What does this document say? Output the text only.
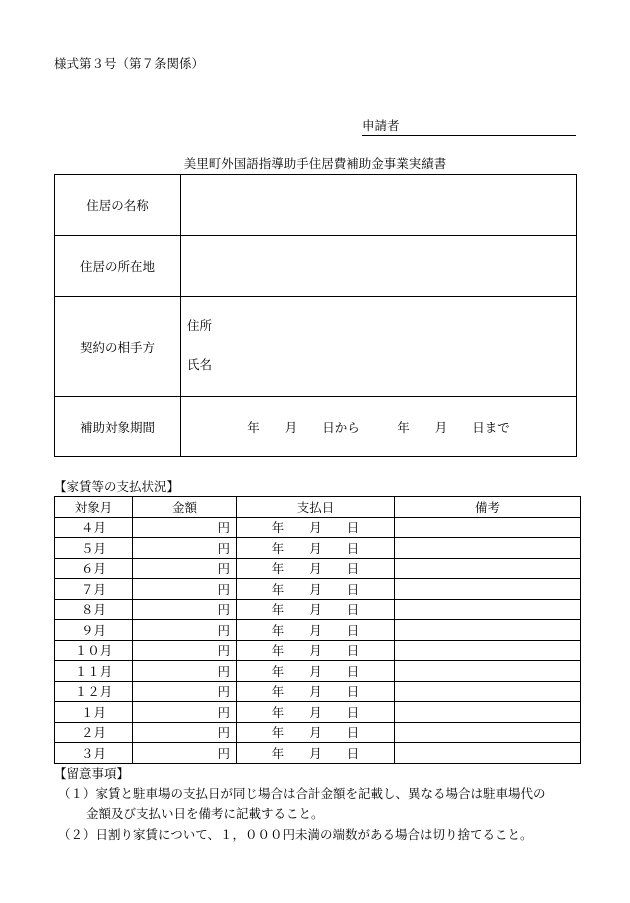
様式第３号（第７条関係）
申請者
美里町外国語指導助手住居費補助金事業実績書
住居の名称	
住居の所在地	
契約の相手方	住所
氏名

補助対象期間	年　　月　　日から　　　年　　月　　日まで
【家賃等の支払状況】
対象月	金額	支払日	備考
４月	円	年　　月　　日	
５月	円	年　　月　　日	
６月	円	年　　月　　日	
７月	円	年　　月　　日	
８月	円	年　　月　　日	
９月	円	年　　月　　日	
１０月	円	年　　月　　日	
１１月	円	年　　月　　日	
１２月	円	年　　月　　日	
１月	円	年　　月　　日	
２月	円	年　　月　　日	
３月	円	年　　月　　日	
【留意事項】
（１）家賃と駐車場の支払日が同じ場合は合計金額を記載し、異なる場合は駐車場代の
金額及び支払い日を備考に記載すること。
（２）日割り家賃について、１，０００円未満の端数がある場合は切り捨てること。
